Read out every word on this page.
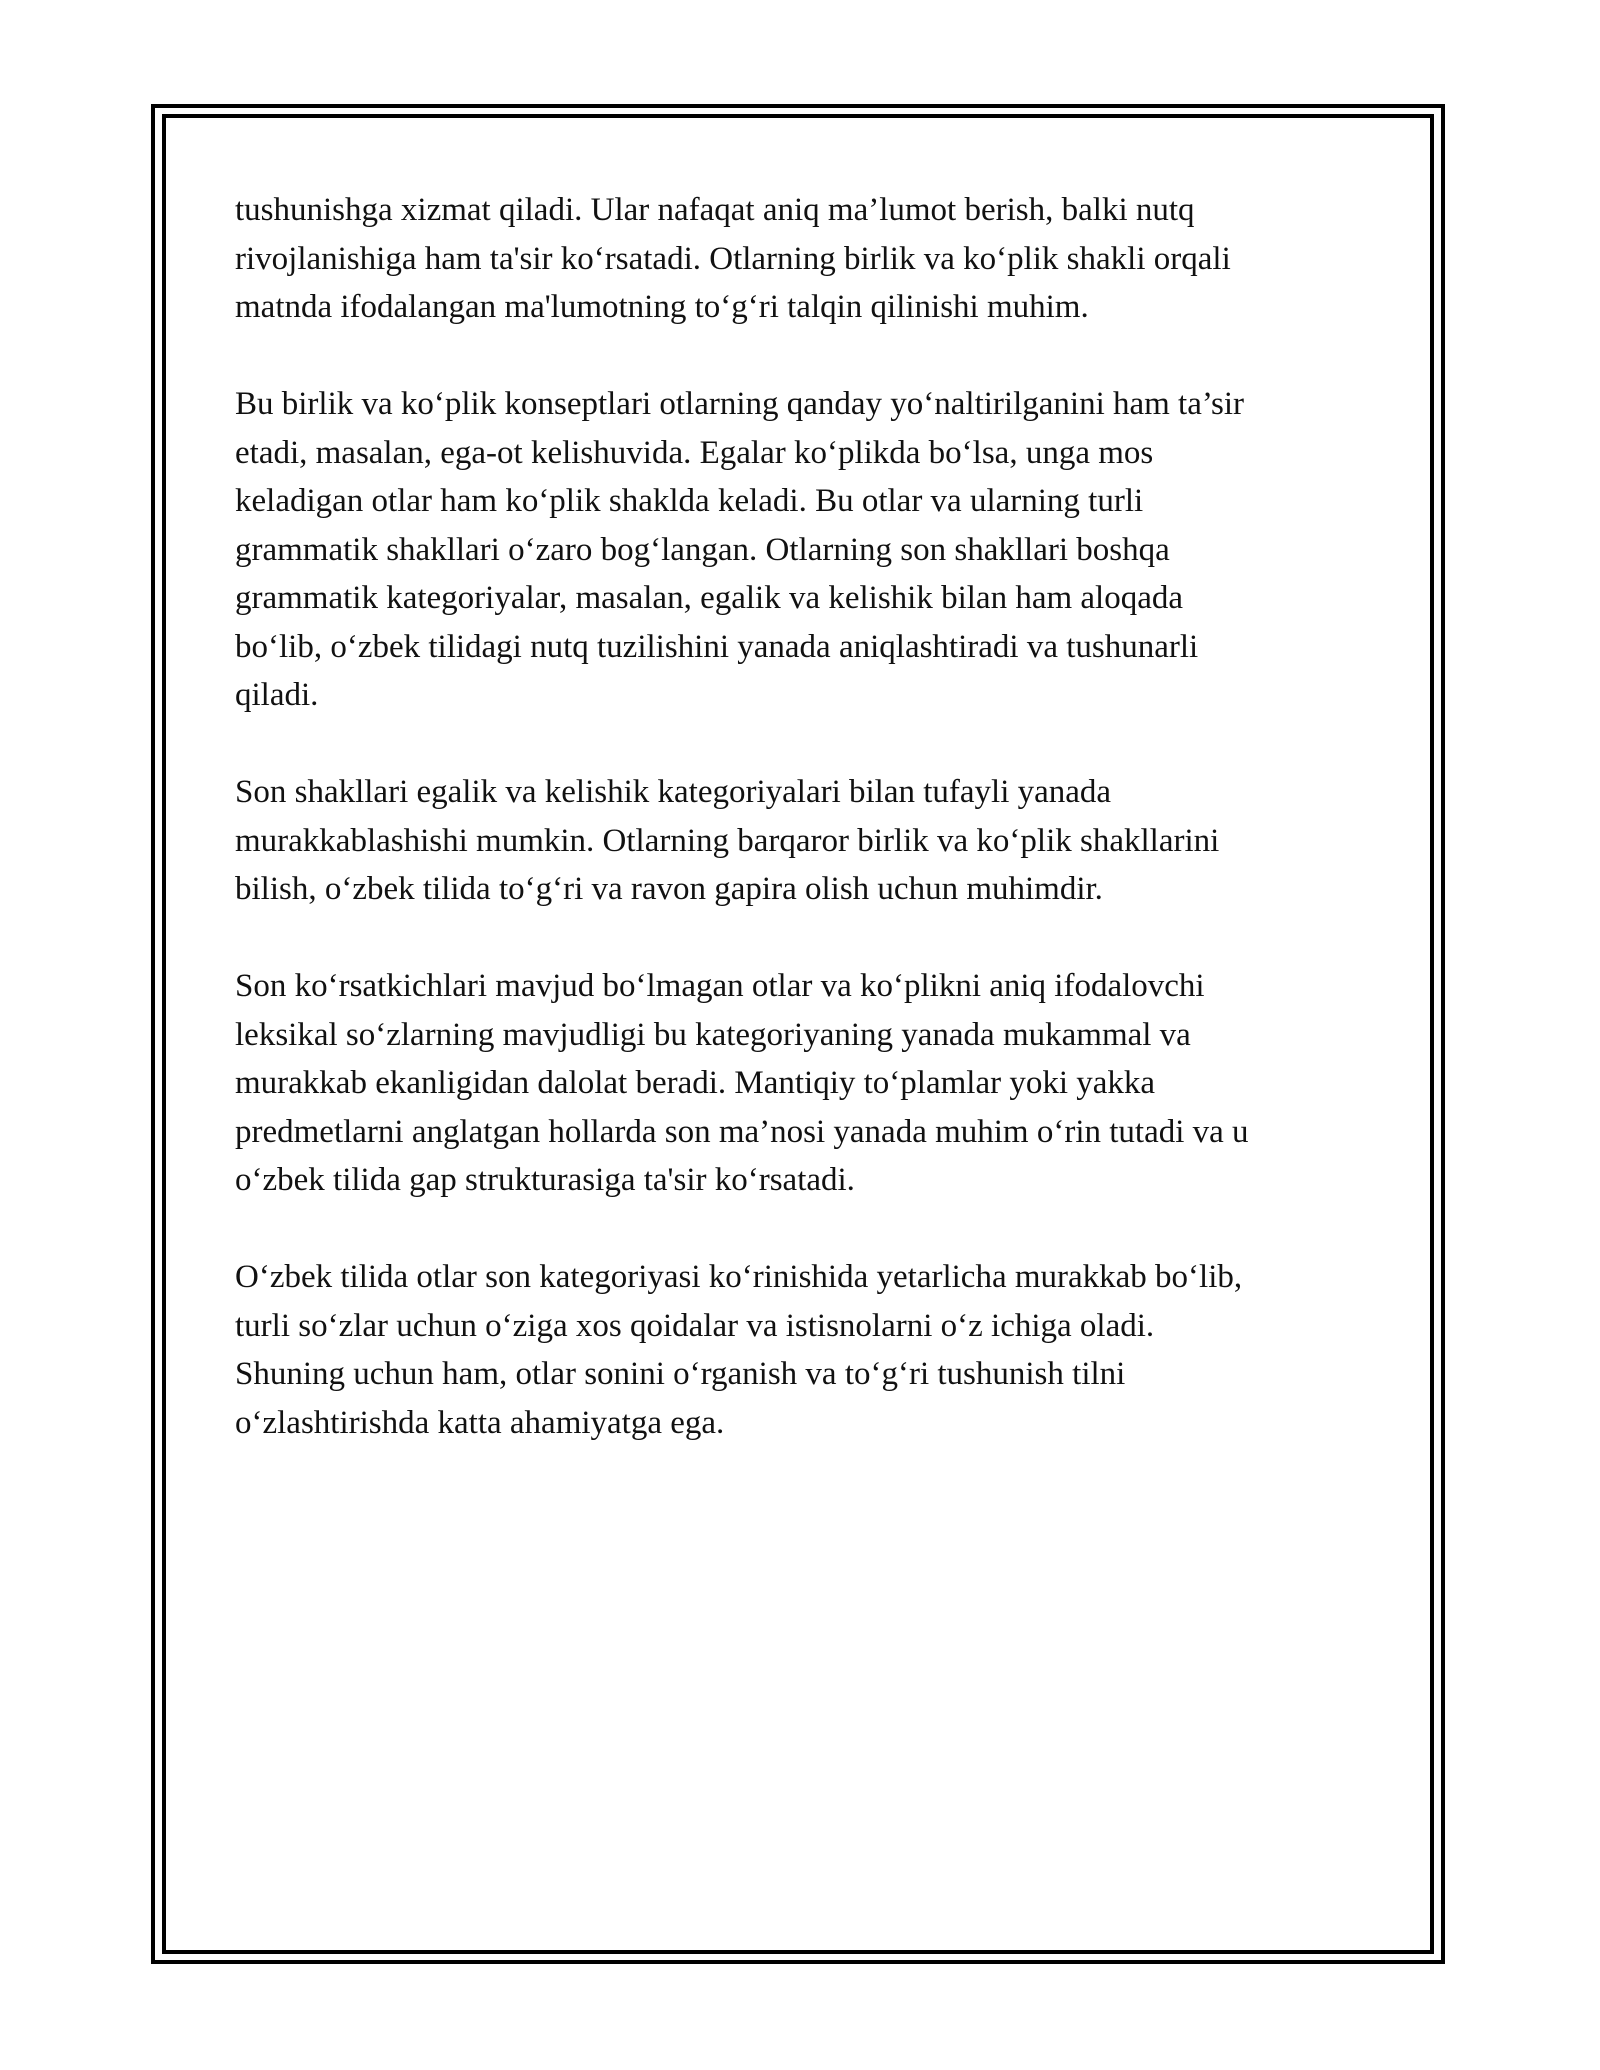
tushunishga xizmat qiladi. Ular nafaqat aniq ma’lumot berish, balki nutq
rivojlanishiga ham ta'sir ko‘rsatadi. Otlarning birlik va ko‘plik shakli orqali
matnda ifodalangan ma'lumotning to‘g‘ri talqin qilinishi muhim.

Bu birlik va ko‘plik konseptlari otlarning qanday yo‘naltirilganini ham ta’sir
etadi, masalan, ega-ot kelishuvida. Egalar ko‘plikda bo‘lsa, unga mos
keladigan otlar ham ko‘plik shaklda keladi. Bu otlar va ularning turli
grammatik shakllari o‘zaro bog‘langan. Otlarning son shakllari boshqa
grammatik kategoriyalar, masalan, egalik va kelishik bilan ham aloqada
bo‘lib, o‘zbek tilidagi nutq tuzilishini yanada aniqlashtiradi va tushunarli
qiladi.

Son shakllari egalik va kelishik kategoriyalari bilan tufayli yanada
murakkablashishi mumkin. Otlarning barqaror birlik va ko‘plik shakllarini
bilish, o‘zbek tilida to‘g‘ri va ravon gapira olish uchun muhimdir.

Son ko‘rsatkichlari mavjud bo‘lmagan otlar va ko‘plikni aniq ifodalovchi
leksikal so‘zlarning mavjudligi bu kategoriyaning yanada mukammal va
murakkab ekanligidan dalolat beradi. Mantiqiy to‘plamlar yoki yakka
predmetlarni anglatgan hollarda son ma’nosi yanada muhim o‘rin tutadi va u
o‘zbek tilida gap strukturasiga ta'sir ko‘rsatadi.

O‘zbek tilida otlar son kategoriyasi ko‘rinishida yetarlicha murakkab bo‘lib,
turli so‘zlar uchun o‘ziga xos qoidalar va istisnolarni o‘z ichiga oladi.
Shuning uchun ham, otlar sonini o‘rganish va to‘g‘ri tushunish tilni
o‘zlashtirishda katta ahamiyatga ega.
